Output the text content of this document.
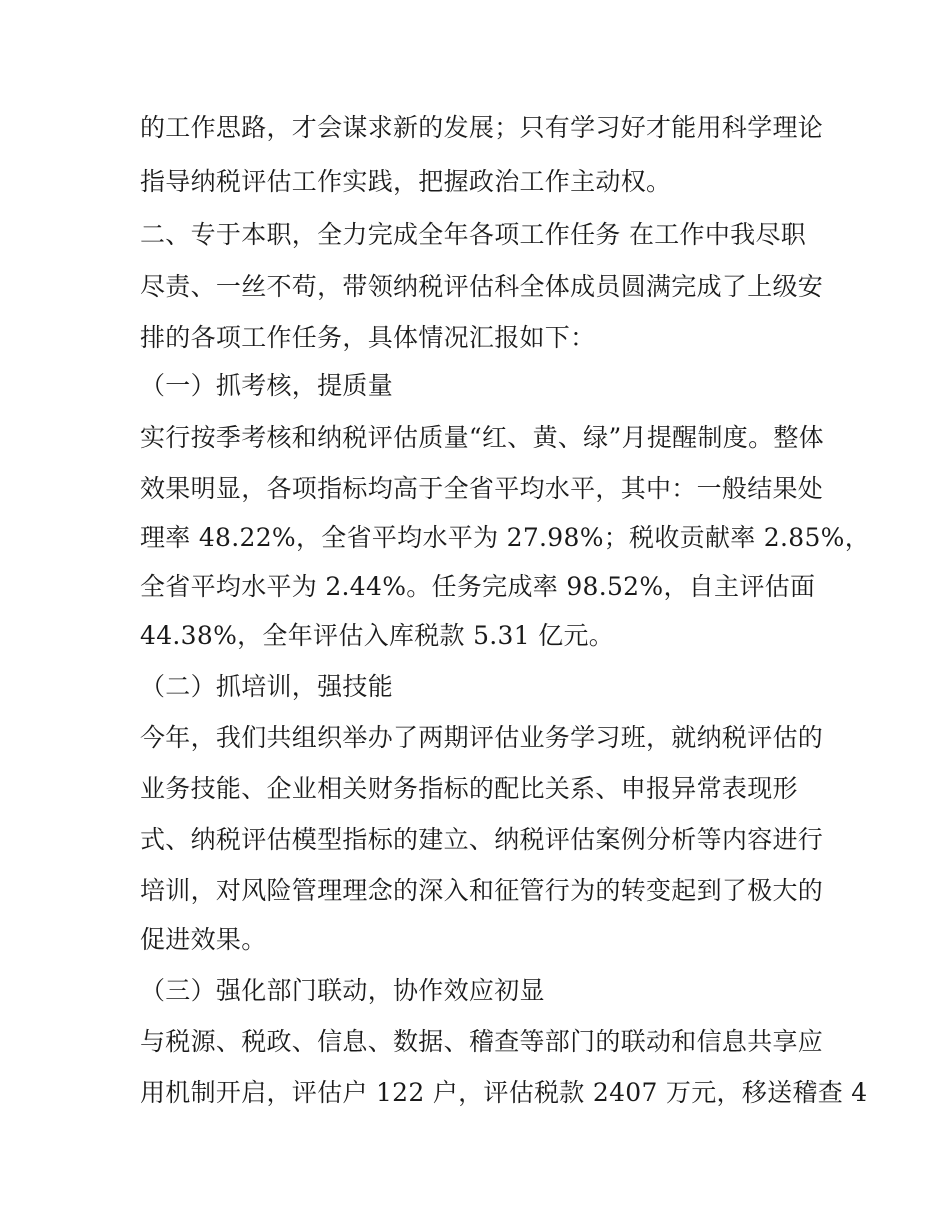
的工作思路，才会谋求新的发展；只有学习好才能用科学理论
指导纳税评估工作实践，把握政治工作主动权。
二、专于本职，全力完成全年各项工作任务 在工作中我尽职
尽责、一丝不苟，带领纳税评估科全体成员圆满完成了上级安
排的各项工作任务，具体情况汇报如下：
（一）抓考核，提质量
实行按季考核和纳税评估质量“红、黄、绿”月提醒制度。整体
效果明显，各项指标均高于全省平均水平，其中：一般结果处
理率 48.22%，全省平均水平为 27.98%；税收贡献率 2.85%，
全省平均水平为 2.44%。任务完成率 98.52%，自主评估面
44.38%，全年评估入库税款 5.31 亿元。
（二）抓培训，强技能
今年，我们共组织举办了两期评估业务学习班，就纳税评估的
业务技能、企业相关财务指标的配比关系、申报异常表现形
式、纳税评估模型指标的建立、纳税评估案例分析等内容进行
培训，对风险管理理念的深入和征管行为的转变起到了极大的
促进效果。
（三）强化部门联动，协作效应初显
与税源、税政、信息、数据、稽查等部门的联动和信息共享应
用机制开启，评估户 122 户，评估税款 2407 万元，移送稽查 4
